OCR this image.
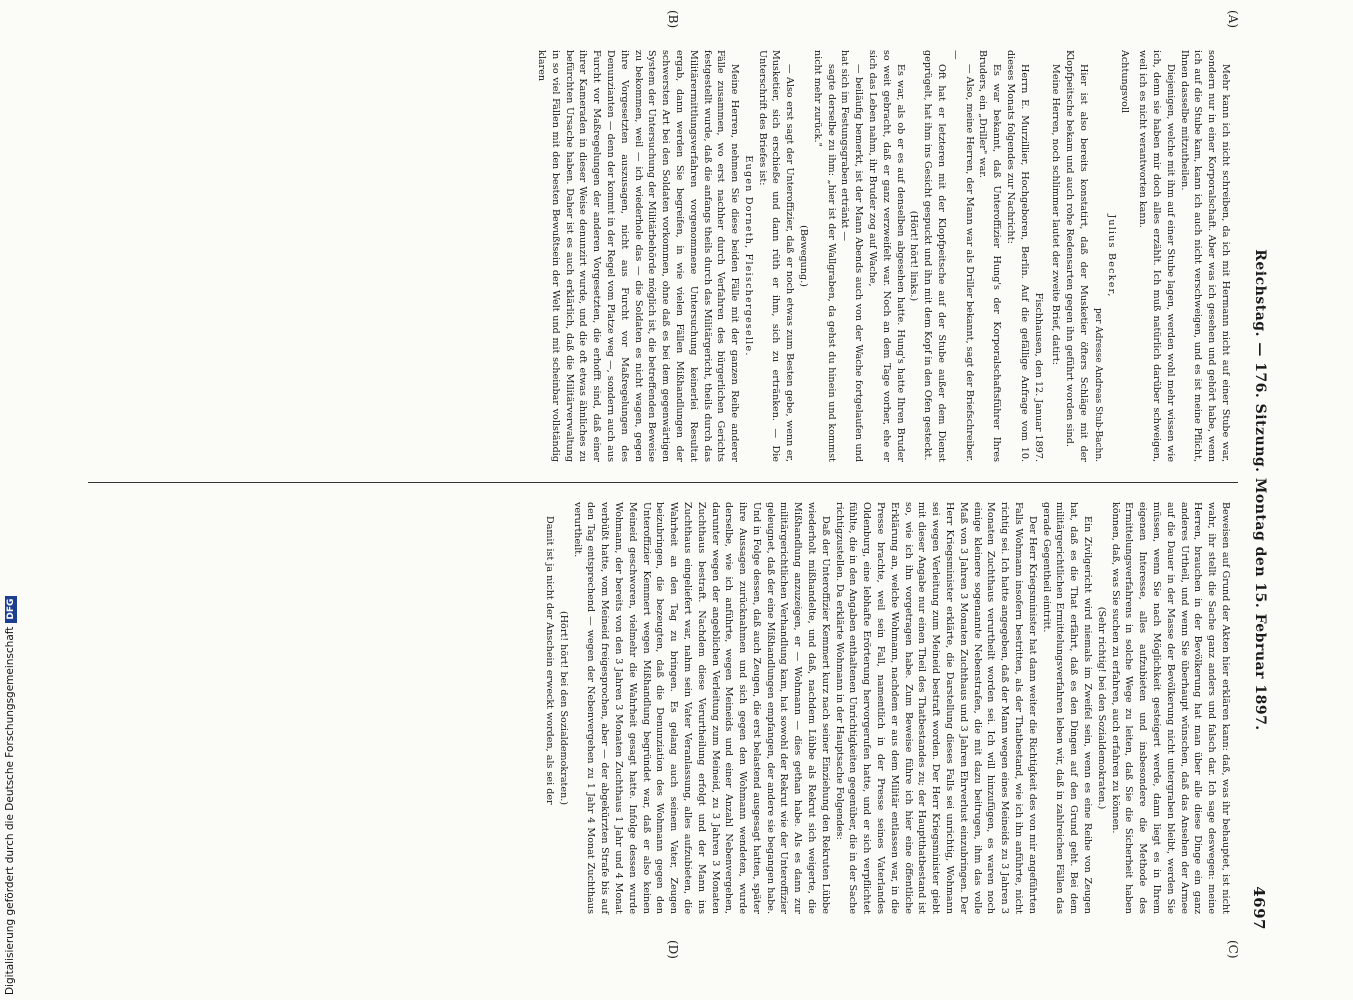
Reichstag. — 176. Sitzung. Montag den 15. Februar 1897.
4697
(A)
(B)
(C)
(D)

Mehr kann ich nicht schreiben, da ich mit Hermann nicht auf einer Stube war, sondern nur in einer Korporalschaft. Aber was ich gesehen und gehört habe, wenn ich auf die Stube kam, kann ich auch nicht verschweigen, und es ist meine Pflicht, Ihnen dasselbe mitzutheilen.

Diejenigen, welche mit ihm auf einer Stube lagen, werden wohl mehr wissen wie ich, denn sie haben mir doch alles erzählt. Ich muß natürlich darüber schweigen, weil ich es nicht verantworten kann.

Achtungsvoll

Julius Becker,

per Adresse Andreas Stub-Bachn.

Hier ist also bereits konstatirt, daß der Musketier öfters Schläge mit der Klopfpeitsche bekam und auch rohe Redensarten gegen ihn geführt worden sind.

Meine Herren, noch schlimmer lautet der zweite Brief, datirt:

Fischhausen, den 12. Januar 1897.

Herrn E. Murzillier, Hochgeboren, Berlin. Auf die gefällige Anfrage vom 10. dieses Monats folgendes zur Nachricht:

Es war bekannt, daß Unteroffizier Hung's der Korporalschaftsführer Ihres Bruders, ein „Driller" war.

— Also, meine Herren, der Mann war als Driller bekannt, sagt der Briefschreiber. —

Oft hat er letzteren mit der Klopfpeitsche auf der Stube außer dem Dienst geprügelt, hat ihm ins Gesicht gespuckt und ihn mit dem Kopf in den Ofen gesteckt.

(Hört! hört! links.)

Es war, als ob er es auf denselben abgesehen hatte. Hung's hatte Ihren Bruder so weit gebracht, daß er ganz verzweifelt war. Noch an dem Tage vorher, ehe er sich das Leben nahm, ihr Bruder zog auf Wache,

— beiläufig bemerkt, ist der Mann Abends auch von der Wache fortgelaufen und hat sich im Festungsgraben ertränkt —

sagte derselbe zu ihm: „hier ist der Wallgraben, da gehst du hinein und kommst nicht mehr zurück."

(Bewegung.)

— Also erst sagt der Unteroffizier, daß er noch etwas zum Besten gebe, wenn er, Musketier, sich erschieße und dann rüth er ihm, sich zu ertränken. — Die Unterschrift des Briefes ist:

Eugen Dorneth, Fleischergeselle.

Meine Herren, nehmen Sie diese beiden Fälle mit der ganzen Reihe anderer Fälle zusammen, wo erst nachher durch Verfahren des bürgerlichen Gerichts festgestellt wurde, daß die anfangs theils durch das Militärgericht, theils durch das Militärermittlungsverfahren vorgenommene Untersuchung keinerlei Resultat ergab, dann werden Sie begreifen, in wie vielen Fällen Mißhandlungen der schwersten Art bei den Soldaten vorkommen, ohne daß es bei dem gegenwärtigen System der Untersuchung der Militärbehörde möglich ist, die betreffenden Beweise zu bekommen, weil — ich wiederhole das — die Soldaten es nicht wagen, gegen ihre Vorgesetzten auszusagen, nicht aus Furcht vor Maßregelungen des Denunzianten — denn der kommt in der Regel vom Platze weg —, sondern auch aus Furcht vor Maßregelungen der anderen Vorgesetzten, die erhofft sind, daß einer ihrer Kameraden in dieser Weise denunzirt wurde, und die oft etwas ähnliches zu befürchten Ursache haben. Daher ist es auch erklärlich, daß die Militärverwaltung in so viel Fällen mit den besten Bewußtsein der Welt und mit scheinbar vollständig klaren

Beweisen auf Grund der Akten hier erklären kann: daß, was ihr behauptet, ist nicht wahr, ihr stellt die Sache ganz anders und falsch dar. Ich sage deswegen: meine Herren, brauchen in der Bevölkerung hat man über alle diese Dinge ein ganz anderes Urtheil, und wenn Sie überhaupt wünschen, daß das Ansehen der Armee auf die Dauer in der Masse der Bevölkerung nicht untergraben bleibt, werden Sie müssen, wenn Sie nach Möglichkeit gesteigert werde, dann liegt es in Ihrem eigenen Interesse, alles aufzubieten und insbesondere die Methode des Ermittelungsverfahrens in solche Wege zu leiten, daß Sie die Sicherheit haben können, daß, was Sie suchen zu erfahren, auch erfahren zu können.

(Sehr richtig! bei den Sozialdemokraten.)

Ein Zivilgericht wird niemals im Zweifel sein, wenn es eine Reihe von Zeugen hat, daß es die That erfährt, daß es den Dingen auf den Grund geht. Bei dem militärgerichtlichen Ermittelungsverfahren leben wir, daß in zahlreichen Fällen das gerade Gegentheil eintritt.

Der Herr Kriegsminister hat dann weiter die Richtigkeit des von mir angeführten Falls Wohmann insofern bestritten, als der Thatbestand, wie ich ihn anführte, nicht richtig sei. Ich hatte angegeben, daß der Mann wegen eines Meineids zu 3 Jahren 3 Monaten Zuchthaus verurtheilt worden sei. Ich will hinzufügen, es waren noch einige kleinere sogenannte Nebenstrafen, die mit dazu beitrugen, ihm das volle Maß von 3 Jahren 3 Monaten Zuchthaus und 3 Jahren Ehrverlust einzubringen. Der Herr Kriegsminister erklärte, die Darstellung dieses Falls sei unrichtig, Wohmann sei wegen Verleitung zum Meineid bestraft worden. Der Herr Kriegsminister giebt mit dieser Angabe nur einen Theil des Thatbestandes zu; der Hauptthatbestand ist so, wie ich ihn vorgetragen habe. Zum Beweise führe ich hier eine öffentliche Erklärung an, welche Wohmann, nachdem er aus dem Militär entlassen war, in die Presse brachte, weil sein Fall, namentlich in der Presse seines Vaterlandes Oldenburg, eine lebhafte Erörterung hervorgerufen hatte, und er sich verpflichtet fühlte, die in den Angaben enthaltenen Unrichtigkeiten gegenüber, die in der Sache richtigzustellen. Da erklärte Wohmann in der Hauptsache Folgendes:

Daß der Unteroffizier Kemmert kurz nach seiner Einziehung den Rekruten Lübbe wiederholt mißhandelte, und daß, nachdem Lübbe als Rekrut sich weigerte, die Mißhandlung anzuzeigen, er — Wohmann — dies gethan habe. Als es dann zur militärgerichtlichen Verhandlung kam, hat sowohl der Rekrut wie der Unteroffizier geleugnet, daß der eine Mißhandlungen empfangen, der andere sie begangen habe. Und in Folge dessen, daß auch Zeugen, die erst belastend ausgesagt hatten, später ihre Aussagen zurücknahmen und sich gegen den Wohmann wendeten, wurde derselbe, wie ich anführte, wegen Meineids und einer Anzahl Nebenvergehen, darunter wegen der angeblichen Verleitung zum Meineid, zu 3 Jahren 3 Monaten Zuchthaus bestraft. Nachdem diese Verurtheilung erfolgt und der Mann ins Zuchthaus eingeliefert war, nahm sein Vater Veranlassung, alles aufzubieten, die Wahrheit an den Tag zu bringen. Es gelang auch seinem Vater, Zeugen beizubringen, die bezeugten, daß die Denunziation des Wohmann gegen den Unteroffizier Kemmert wegen Mißhandlung begründet war, daß er also keinen Meineid geschworen, vielmehr die Wahrheit gesagt hatte. Infolge dessen wurde Wohmann, der bereits von den 3 Jahren 3 Monaten Zuchthaus 1 Jahr und 4 Monat verbüßt hatte, vom Meineid freigesprochen, aber — der abgekürzten Strafe bis auf den Tag entsprechend — wegen der Nebenvergehen zu 1 Jahr 4 Monat Zuchthaus verurtheilt.

(Hört! hört! bei den Sozialdemokraten.)

Damit ist ja nicht der Anschein erweckt worden, als sei der

Digitalisierung gefördert durch die Deutsche ForschungsgemeinschaftDFG
